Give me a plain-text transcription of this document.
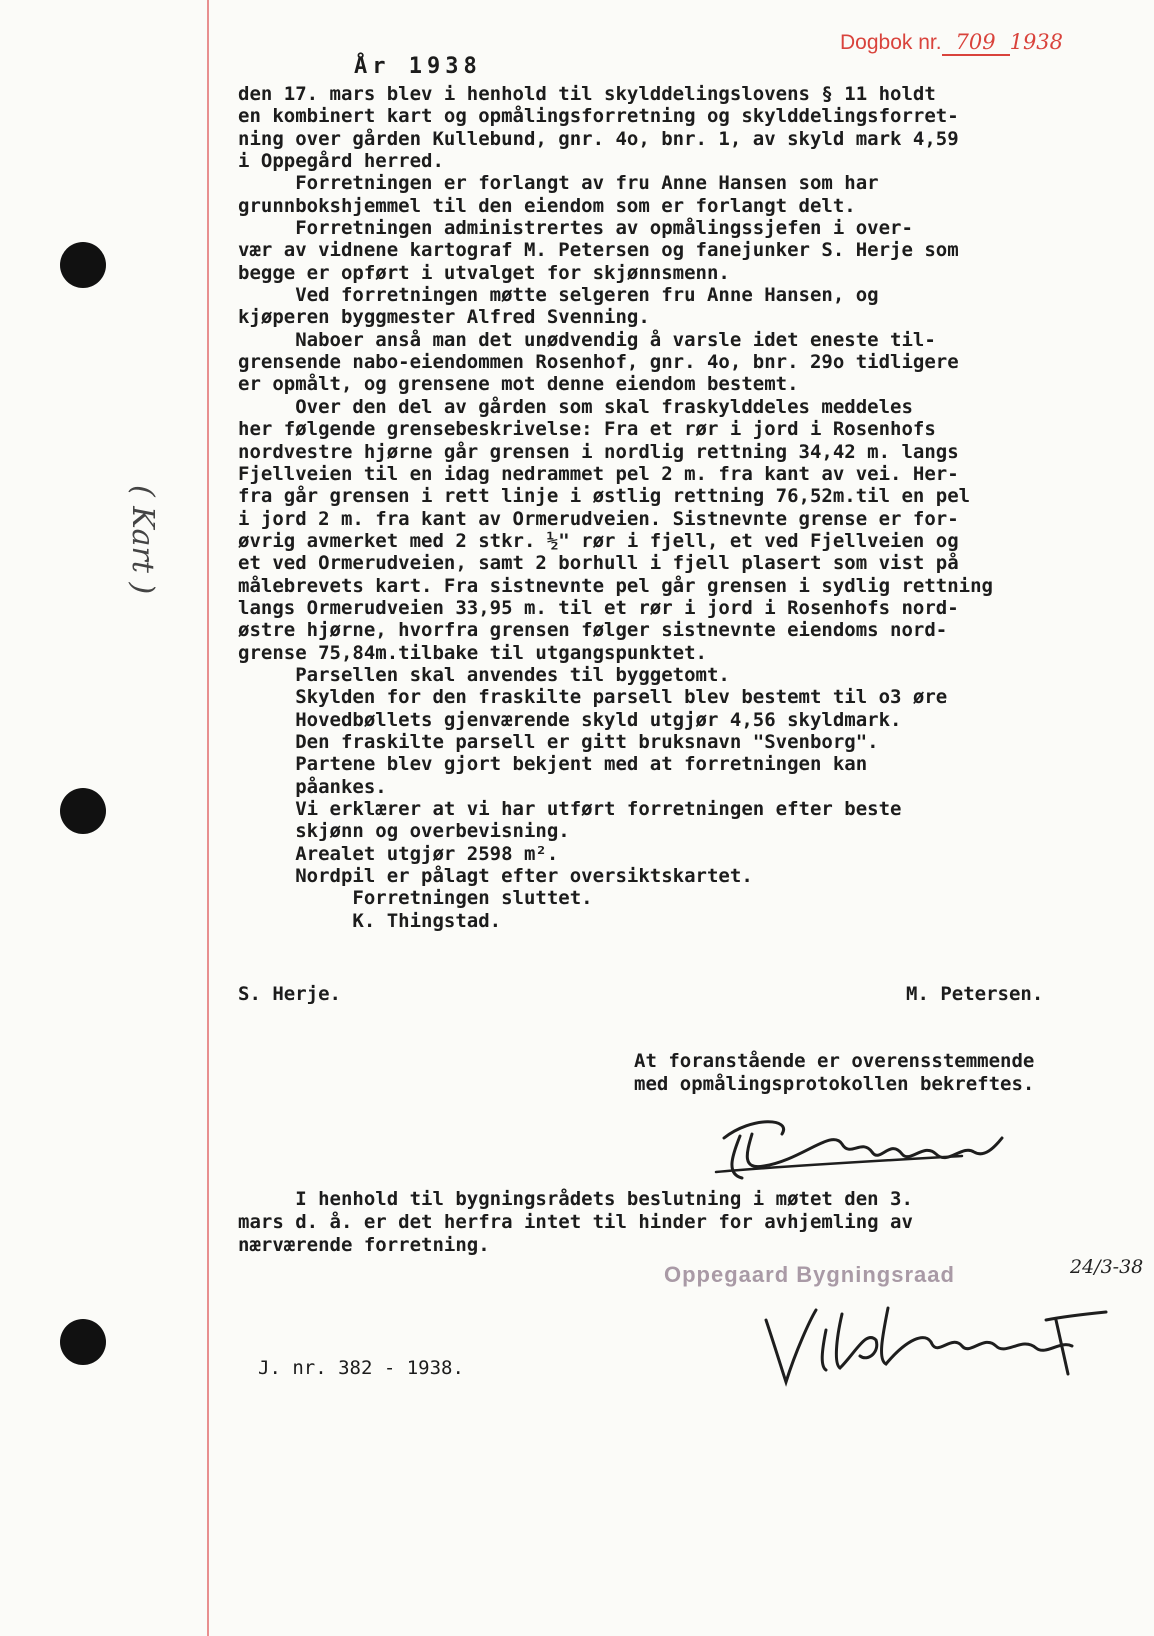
Dogbok nr. 709 1938
År 1938
den 17. mars blev i henhold til skylddelingslovens § 11 holdt
en kombinert kart og opmålingsforretning og skylddelingsforret-
ning over gården Kullebund, gnr. 4o, bnr. 1, av skyld mark 4,59
i Oppegård herred.
Forretningen er forlangt av fru Anne Hansen som har
grunnbokshjemmel til den eiendom som er forlangt delt.
Forretningen administrertes av opmålingssjefen i over-
vær av vidnene kartograf M. Petersen og fanejunker S. Herje som
begge er opført i utvalget for skjønnsmenn.
Ved forretningen møtte selgeren fru Anne Hansen, og
kjøperen byggmester Alfred Svenning.
Naboer anså man det unødvendig å varsle idet eneste til-
grensende nabo-eiendommen Rosenhof, gnr. 4o, bnr. 29o tidligere
er opmålt, og grensene mot denne eiendom bestemt.
Over den del av gården som skal fraskylddeles meddeles
her følgende grensebeskrivelse: Fra et rør i jord i Rosenhofs
nordvestre hjørne går grensen i nordlig rettning 34,42 m. langs
Fjellveien til en idag nedrammet pel 2 m. fra kant av vei. Her-
fra går grensen i rett linje i østlig rettning 76,52m.til en pel
i jord 2 m. fra kant av Ormerudveien. Sistnevnte grense er for-
øvrig avmerket med 2 stkr. ½" rør i fjell, et ved Fjellveien og
et ved Ormerudveien, samt 2 borhull i fjell plasert som vist på
målebrevets kart. Fra sistnevnte pel går grensen i sydlig rettning
langs Ormerudveien 33,95 m. til et rør i jord i Rosenhofs nord-
østre hjørne, hvorfra grensen følger sistnevnte eiendoms nord-
grense 75,84m.tilbake til utgangspunktet.
Parsellen skal anvendes til byggetomt.
Skylden for den fraskilte parsell blev bestemt til o3 øre
Hovedbøllets gjenværende skyld utgjør 4,56 skyldmark.
Den fraskilte parsell er gitt bruksnavn "Svenborg".
Partene blev gjort bekjent med at forretningen kan
påankes.
Vi erklærer at vi har utført forretningen efter beste
skjønn og overbevisning.
Arealet utgjør 2598 m².
Nordpil er pålagt efter oversiktskartet.
Forretningen sluttet.
K. Thingstad.
( Kart )
S. Herje.	M. Petersen.
At foranstående er overensstemmende
med opmålingsprotokollen bekreftes.
I henhold til bygningsrådets beslutning i møtet den 3.
mars d. å. er det herfra intet til hinder for avhjemling av
nærværende forretning.
Oppegaard Bygningsraad	24/3-38
J. nr. 382 - 1938.
